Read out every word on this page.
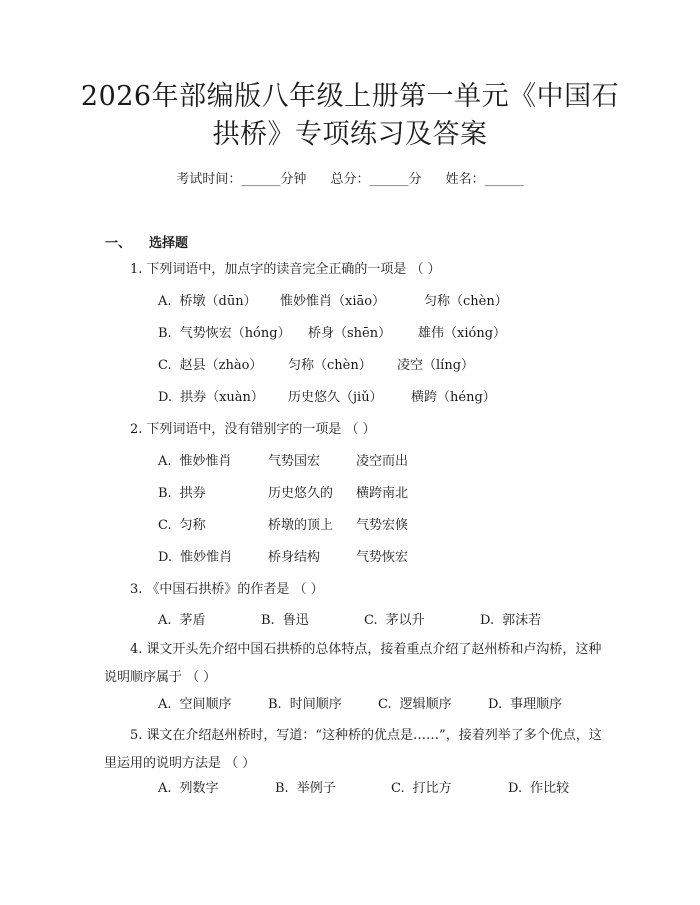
2026年部编版八年级上册第一单元《中国石
拱桥》专项练习及答案
考试时间：______分钟 总分：______分 姓名：______
一、 选择题
1. 下列词语中，加点字的读音完全正确的一项是 （ ）
A. 桥墩（dūn） 惟妙惟肖（xiāo）	匀称（chèn）
B. 气势恢宏（hóng） 桥身（shēn） 雄伟（xióng）
C. 赵县（zhào） 匀称（chèn） 凌空（líng）
D. 拱券（xuàn） 历史悠久（jiǔ） 横跨（héng）
2. 下列词语中，没有错别字的一项是 （ ）
A. 惟妙惟肖	气势国宏	凌空而出
B. 拱券	历史悠久的 横跨南北
C. 匀称	桥墩的顶上 气势宏倏
D. 惟妙惟肖	桥身结构	气势恢宏
3. 《中国石拱桥》的作者是 （ ）
A. 茅盾	B. 鲁迅	C. 茅以升	D. 郭沫若
4. 课文开头先介绍中国石拱桥的总体特点，接着重点介绍了赵州桥和卢沟桥，这种说明顺序属于 （ ）
A. 空间顺序	B. 时间顺序	C. 逻辑顺序	D. 事理顺序
5. 课文在介绍赵州桥时，写道：“这种桥的优点是……”，接着列举了多个优点，这里运用的说明方法是 （ ）
A. 列数字	B. 举例子	C. 打比方	D. 作比较
